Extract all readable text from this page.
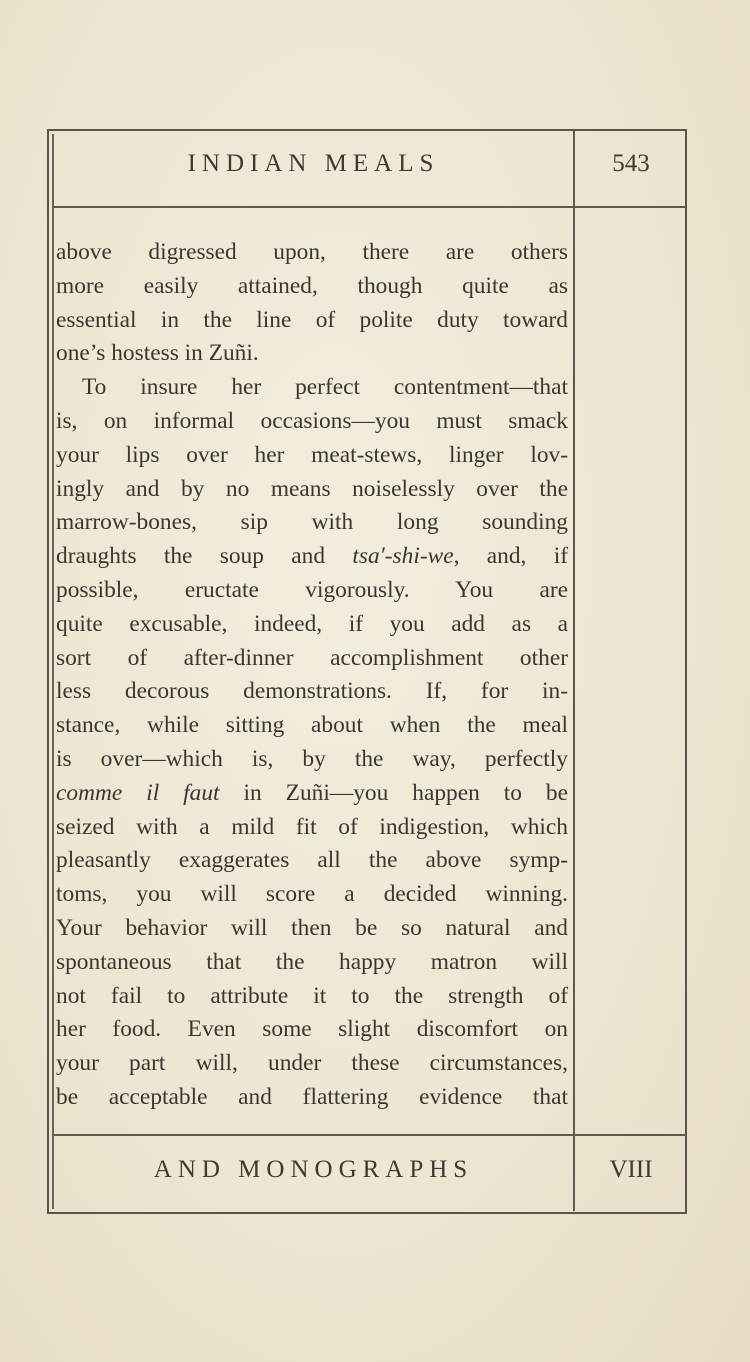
INDIAN MEALS	543
above digressed upon, there are others
more easily attained, though quite as
essential in the line of polite duty toward
one’s hostess in Zuñi.
To insure her perfect contentment—that
is, on informal occasions—you must smack
your lips over her meat-stews, linger lov-
ingly and by no means noiselessly over the
marrow-bones, sip with long sounding
draughts the soup and tsa′-shi-we, and, if
possible, eructate vigorously. You are
quite excusable, indeed, if you add as a
sort of after-dinner accomplishment other
less decorous demonstrations. If, for in-
stance, while sitting about when the meal
is over—which is, by the way, perfectly
comme il faut in Zuñi—you happen to be
seized with a mild fit of indigestion, which
pleasantly exaggerates all the above symp-
toms, you will score a decided winning.
Your behavior will then be so natural and
spontaneous that the happy matron will
not fail to attribute it to the strength of
her food. Even some slight discomfort on
your part will, under these circumstances,
be acceptable and flattering evidence that
AND MONOGRAPHS	VIII
